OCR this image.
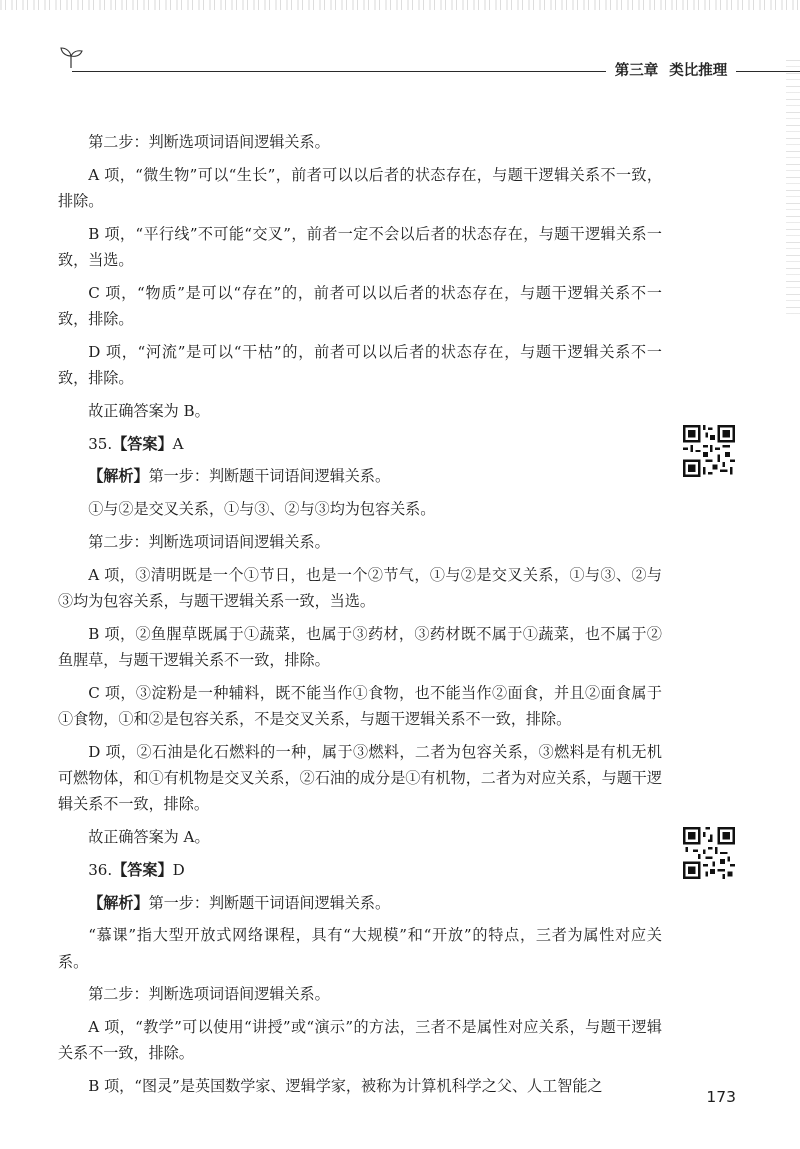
第三章 类比推理

第二步：判断选项词语间逻辑关系。

A 项，“微生物”可以“生长”，前者可以以后者的状态存在，与题干逻辑关系不一致，排除。

B 项，“平行线”不可能“交叉”，前者一定不会以后者的状态存在，与题干逻辑关系一致，当选。

C 项，“物质”是可以“存在”的，前者可以以后者的状态存在，与题干逻辑关系不一致，排除。

D 项，“河流”是可以“干枯”的，前者可以以后者的状态存在，与题干逻辑关系不一致，排除。

故正确答案为 B。

35.【答案】A

【解析】第一步：判断题干词语间逻辑关系。

①与②是交叉关系，①与③、②与③均为包容关系。

第二步：判断选项词语间逻辑关系。

A 项，③清明既是一个①节日，也是一个②节气，①与②是交叉关系，①与③、②与③均为包容关系，与题干逻辑关系一致，当选。

B 项，②鱼腥草既属于①蔬菜，也属于③药材，③药材既不属于①蔬菜，也不属于②鱼腥草，与题干逻辑关系不一致，排除。

C 项，③淀粉是一种辅料，既不能当作①食物，也不能当作②面食，并且②面食属于①食物，①和②是包容关系，不是交叉关系，与题干逻辑关系不一致，排除。

D 项，②石油是化石燃料的一种，属于③燃料，二者为包容关系，③燃料是有机无机可燃物体，和①有机物是交叉关系，②石油的成分是①有机物，二者为对应关系，与题干逻辑关系不一致，排除。

故正确答案为 A。

36.【答案】D

【解析】第一步：判断题干词语间逻辑关系。

“慕课”指大型开放式网络课程，具有“大规模”和“开放”的特点，三者为属性对应关系。

第二步：判断选项词语间逻辑关系。

A 项，“教学”可以使用“讲授”或“演示”的方法，三者不是属性对应关系，与题干逻辑关系不一致，排除。

B 项，“图灵”是英国数学家、逻辑学家，被称为计算机科学之父、人工智能之

173
